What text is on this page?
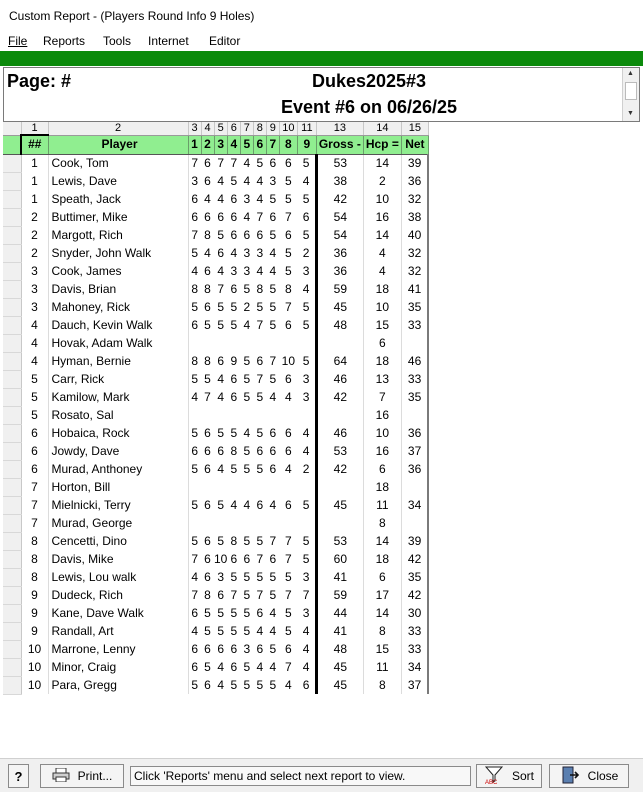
Custom Report - (Players Round Info 9 Holes)
File Reports Tools Internet Editor
Page: #	Dukes2025#3
Event #6 on 06/26/25
▲
▼
	1	2	3	4	5	6	7	8	9	10	11	13	14	15
	##	Player	1	2	3	4	5	6	7	8	9	Gross -	Hcp =	Net
	1	Cook, Tom	7	6	7	7	4	5	6	6	5	53	14	39
	1	Lewis, Dave	3	6	4	5	4	4	3	5	4	38	2	36
	1	Speath, Jack	6	4	4	6	3	4	5	5	5	42	10	32
	2	Buttimer, Mike	6	6	6	6	4	7	6	7	6	54	16	38
	2	Margott, Rich	7	8	5	6	6	6	5	6	5	54	14	40
	2	Snyder, John Walk	5	4	6	4	3	3	4	5	2	36	4	32
	3	Cook, James	4	6	4	3	3	4	4	5	3	36	4	32
	3	Davis, Brian	8	8	7	6	5	8	5	8	4	59	18	41
	3	Mahoney, Rick	5	6	5	5	2	5	5	7	5	45	10	35
	4	Dauch, Kevin Walk	6	5	5	5	4	7	5	6	5	48	15	33
	4	Hovak, Adam Walk											6	
	4	Hyman, Bernie	8	8	6	9	5	6	7	10	5	64	18	46
	5	Carr, Rick	5	5	4	6	5	7	5	6	3	46	13	33
	5	Kamilow, Mark	4	7	4	6	5	5	4	4	3	42	7	35
	5	Rosato, Sal											16	
	6	Hobaica, Rock	5	6	5	5	4	5	6	6	4	46	10	36
	6	Jowdy, Dave	6	6	6	8	5	6	6	6	4	53	16	37
	6	Murad, Anthoney	5	6	4	5	5	5	6	4	2	42	6	36
	7	Horton, Bill											18	
	7	Mielnicki, Terry	5	6	5	4	4	6	4	6	5	45	11	34
	7	Murad, George											8	
	8	Cencetti, Dino	5	6	5	8	5	5	7	7	5	53	14	39
	8	Davis, Mike	7	6	10	6	6	7	6	7	5	60	18	42
	8	Lewis, Lou walk	4	6	3	5	5	5	5	5	3	41	6	35
	9	Dudeck, Rich	7	8	6	7	5	7	5	7	7	59	17	42
	9	Kane, Dave Walk	6	5	5	5	5	6	4	5	3	44	14	30
	9	Randall, Art	4	5	5	5	5	4	4	5	4	41	8	33
	10	Marrone, Lenny	6	6	6	6	3	6	5	6	4	48	15	33
	10	Minor, Craig	6	5	4	6	5	4	4	7	4	45	11	34
	10	Para, Gregg	5	6	4	5	5	5	5	4	6	45	8	37
?	Print...	Click 'Reports' menu and select next report to view.	ABC Sort	Close
